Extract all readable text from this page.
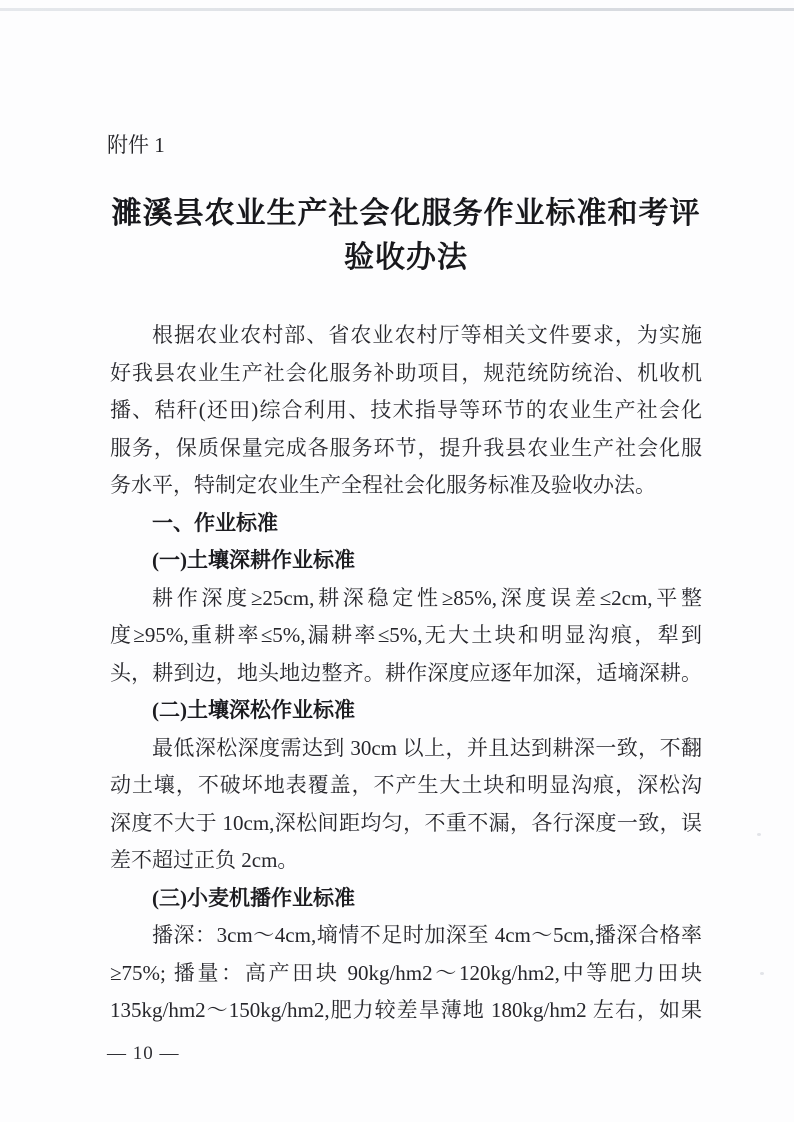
附件 1
濉溪县农业生产社会化服务作业标准和考评
验收办法
根据农业农村部、省农业农村厅等相关文件要求，为实施
好我县农业生产社会化服务补助项目，规范统防统治、机收机
播、秸秆(还田)综合利用、技术指导等环节的农业生产社会化
服务，保质保量完成各服务环节，提升我县农业生产社会化服
务水平，特制定农业生产全程社会化服务标准及验收办法。
一、作业标准
(一)土壤深耕作业标准
耕作深度≥25cm,耕深稳定性≥85%,深度误差≤2cm,平整
度≥95%,重耕率≤5%,漏耕率≤5%,无大土块和明显沟痕，犁到
头，耕到边，地头地边整齐。耕作深度应逐年加深，适墒深耕。
(二)土壤深松作业标准
最低深松深度需达到 30cm 以上，并且达到耕深一致，不翻
动土壤，不破坏地表覆盖，不产生大土块和明显沟痕，深松沟
深度不大于 10cm,深松间距均匀，不重不漏，各行深度一致，误
差不超过正负 2cm。
(三)小麦机播作业标准
播深：3cm～4cm,墒情不足时加深至 4cm～5cm,播深合格率
≥75%; 播量：高产田块 90kg/hm2～120kg/hm2,中等肥力田块
135kg/hm2～150kg/hm2,肥力较差旱薄地 180kg/hm2 左右，如果
— 10 —
